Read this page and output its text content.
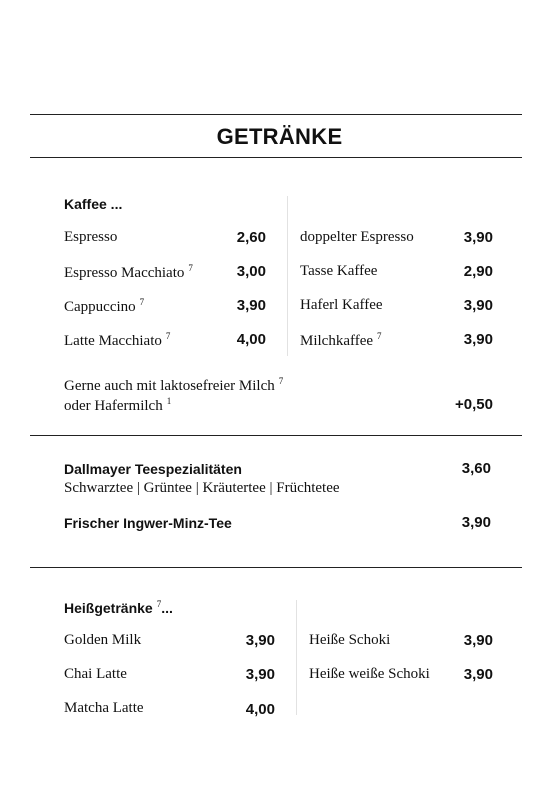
GETRÄNKE
Kaffee ...
Espresso	2,60
Espresso Macchiato $^7$	3,00
Cappuccino $^7$	3,90
Latte Macchiato $^7$	4,00
doppelter Espresso	3,90
Tasse Kaffee	2,90
Haferl Kaffee	3,90
Milchkaffee $^7$	3,90
Gerne auch mit laktosefreier Milch $^7$
oder Hafermilch $^1$	+0,50
Dallmayer Teespezialitäten	3,60
Schwarztee | Grüntee | Kräutertee | Früchtetee
Frischer Ingwer-Minz-Tee	3,90
Heißgetränke $^7$...
Golden Milk	3,90
Chai Latte	3,90
Matcha Latte	4,00
Heiße Schoki	3,90
Heiße weiße Schoki	3,90
